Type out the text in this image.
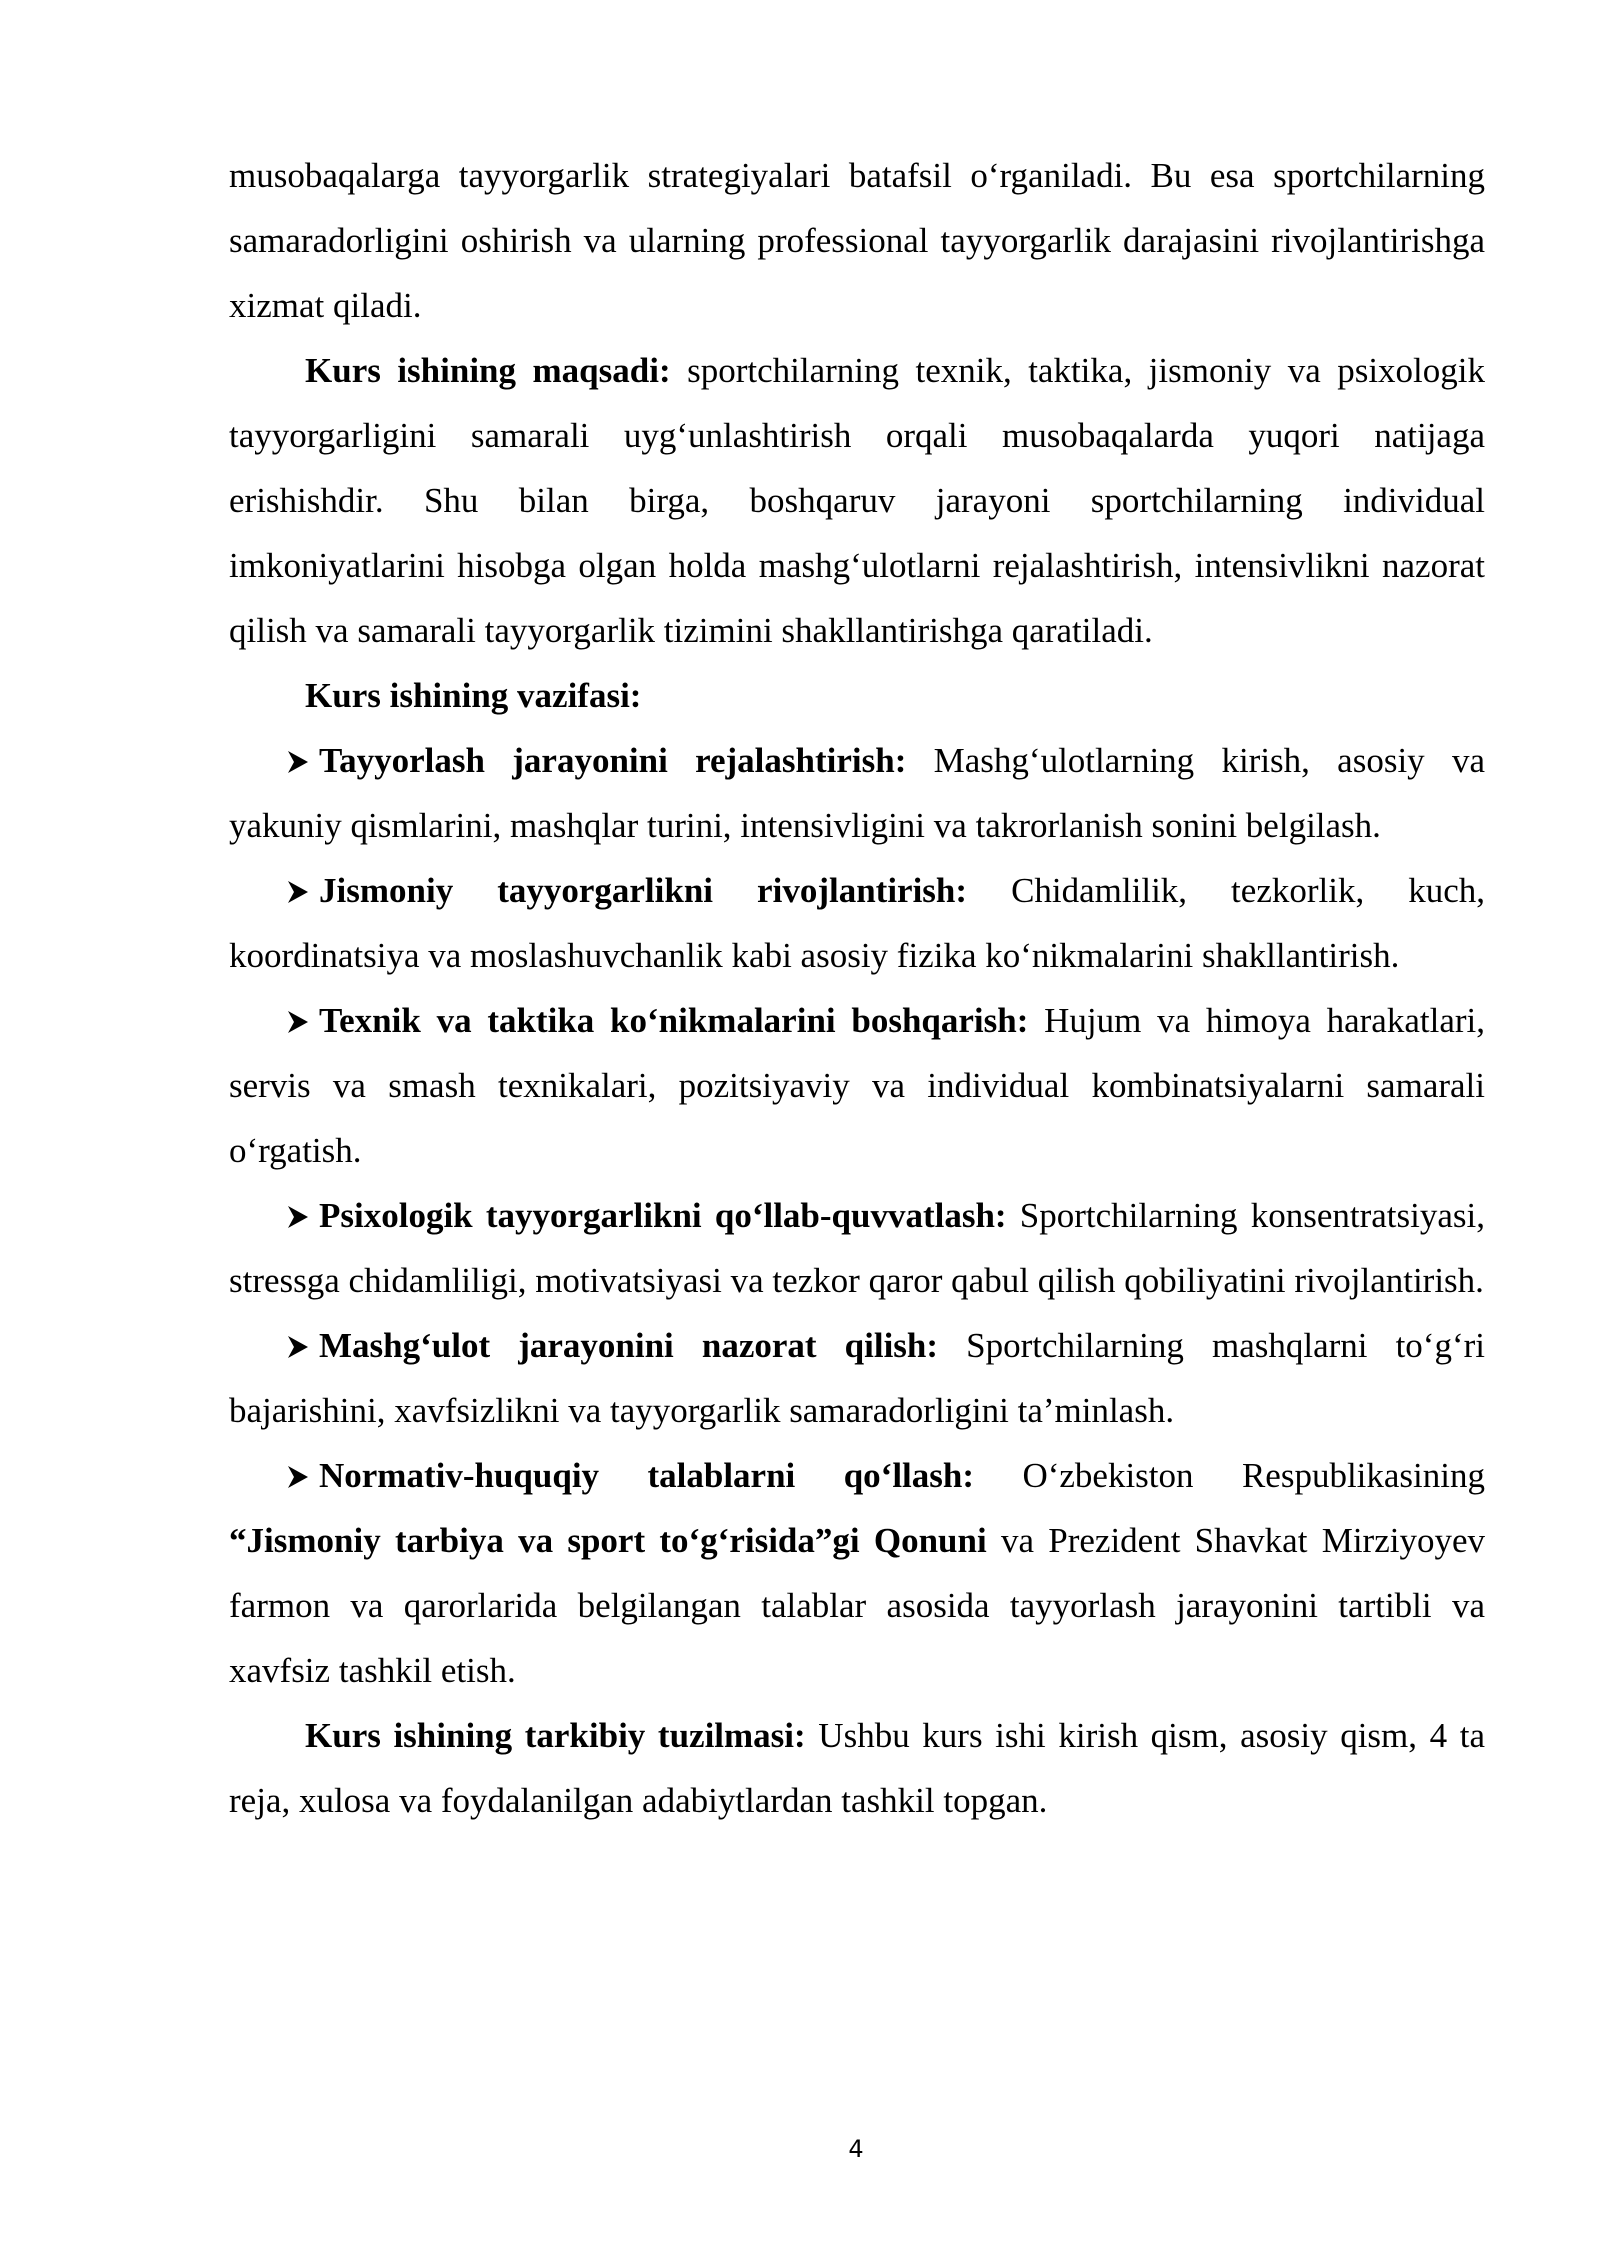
musobaqalarga tayyorgarlik strategiyalari batafsil o‘rganiladi. Bu esa sportchilarning samaradorligini oshirish va ularning professional tayyorgarlik darajasini rivojlantirishga xizmat qiladi.

Kurs ishining maqsadi: sportchilarning texnik, taktika, jismoniy va psixologik tayyorgarligini samarali uyg‘unlashtirish orqali musobaqalarda yuqori natijaga erishishdir. Shu bilan birga, boshqaruv jarayoni sportchilarning individual imkoniyatlarini hisobga olgan holda mashg‘ulotlarni rejalashtirish, intensivlikni nazorat qilish va samarali tayyorgarlik tizimini shakllantirishga qaratiladi.

Kurs ishining vazifasi:

Tayyorlash jarayonini rejalashtirish: Mashg‘ulotlarning kirish, asosiy va yakuniy qismlarini, mashqlar turini, intensivligini va takrorlanish sonini belgilash.

Jismoniy tayyorgarlikni rivojlantirish: Chidamlilik, tezkorlik, kuch, koordinatsiya va moslashuvchanlik kabi asosiy fizika ko‘nikmalarini shakllantirish.

Texnik va taktika ko‘nikmalarini boshqarish: Hujum va himoya harakatlari, servis va smash texnikalari, pozitsiyaviy va individual kombinatsiyalarni samarali o‘rgatish.

Psixologik tayyorgarlikni qo‘llab-quvvatlash: Sportchilarning konsentratsiyasi, stressga chidamliligi, motivatsiyasi va tezkor qaror qabul qilish qobiliyatini rivojlantirish.

Mashg‘ulot jarayonini nazorat qilish: Sportchilarning mashqlarni to‘g‘ri bajarishini, xavfsizlikni va tayyorgarlik samaradorligini ta’minlash.

Normativ-huquqiy talablarni qo‘llash: O‘zbekiston Respublikasining “Jismoniy tarbiya va sport to‘g‘risida”gi Qonuni va Prezident Shavkat Mirziyoyev farmon va qarorlarida belgilangan talablar asosida tayyorlash jarayonini tartibli va xavfsiz tashkil etish.

Kurs ishining tarkibiy tuzilmasi: Ushbu kurs ishi kirish qism, asosiy qism, 4 ta reja, xulosa va foydalanilgan adabiytlardan tashkil topgan.

4
